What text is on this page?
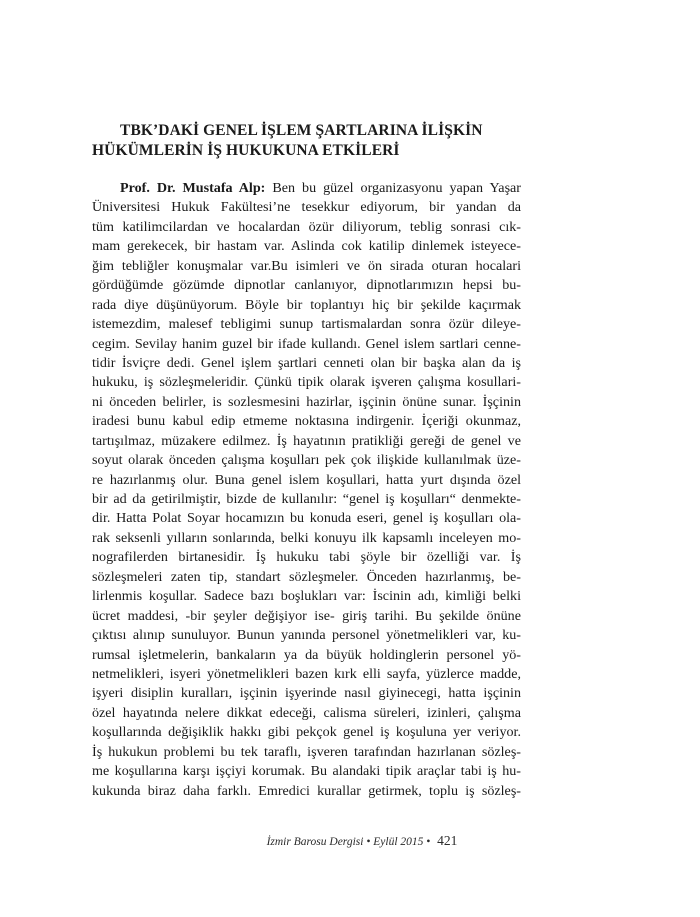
TBK’DAKİ GENEL İŞLEM ŞARTLARINA İLİŞKİN
HÜKÜMLERİN İŞ HUKUKUNA ETKİLERİ
Prof. Dr. Mustafa Alp: Ben bu güzel organizasyonu yapan Yaşar
Üniversitesi Hukuk Fakültesi’ne tesekkur ediyorum, bir yandan da
tüm katilimcilardan ve hocalardan özür diliyorum, teblig sonrasi cık-
mam gerekecek, bir hastam var. Aslinda cok katilip dinlemek isteyece-
ğim tebliğler konuşmalar var.Bu isimleri ve ön sirada oturan hocalari
gördüğümde gözümde dipnotlar canlanıyor, dipnotlarımızın hepsi bu-
rada diye düşünüyorum. Böyle bir toplantıyı hiç bir şekilde kaçırmak
istemezdim, malesef tebligimi sunup tartismalardan sonra özür dileye-
cegim. Sevilay hanim guzel bir ifade kullandı. Genel islem sartlari cenne-
tidir İsviçre dedi. Genel işlem şartlari cenneti olan bir başka alan da iş
hukuku, iş sözleşmeleridir. Çünkü tipik olarak işveren çalışma kosullari-
ni önceden belirler, is sozlesmesini hazirlar, işçinin önüne sunar. İşçinin
iradesi bunu kabul edip etmeme noktasına indirgenir. İçeriği okunmaz,
tartışılmaz, müzakere edilmez. İş hayatının pratikliği gereği de genel ve
soyut olarak önceden çalışma koşulları pek çok ilişkide kullanılmak üze-
re hazırlanmış olur. Buna genel islem koşullari, hatta yurt dışında özel
bir ad da getirilmiştir, bizde de kullanılır: “genel iş koşulları“ denmekte-
dir. Hatta Polat Soyar hocamızın bu konuda eseri, genel iş koşulları ola-
rak seksenli yılların sonlarında, belki konuyu ilk kapsamlı inceleyen mo-
nografilerden birtanesidir. İş hukuku tabi şöyle bir özelliği var. İş
sözleşmeleri zaten tip, standart sözleşmeler. Önceden hazırlanmış, be-
lirlenmis koşullar. Sadece bazı boşlukları var: İscinin adı, kimliği belki
ücret maddesi, -bir şeyler değişiyor ise- giriş tarihi. Bu şekilde önüne
çıktısı alınıp sunuluyor. Bunun yanında personel yönetmelikleri var, ku-
rumsal işletmelerin, bankaların ya da büyük holdinglerin personel yö-
netmelikleri, isyeri yönetmelikleri bazen kırk elli sayfa, yüzlerce madde,
işyeri disiplin kuralları, işçinin işyerinde nasıl giyinecegi, hatta işçinin
özel hayatında nelere dikkat edeceği, calisma süreleri, izinleri, çalışma
koşullarında değişiklik hakkı gibi pekçok genel iş koşuluna yer veriyor.
İş hukukun problemi bu tek taraflı, işveren tarafından hazırlanan sözleş-
me koşullarına karşı işçiyi korumak. Bu alandaki tipik araçlar tabi iş hu-
kukunda biraz daha farklı. Emredici kurallar getirmek, toplu iş sözleş-
İzmir Barosu Dergisi • Eylül 2015 • 421
